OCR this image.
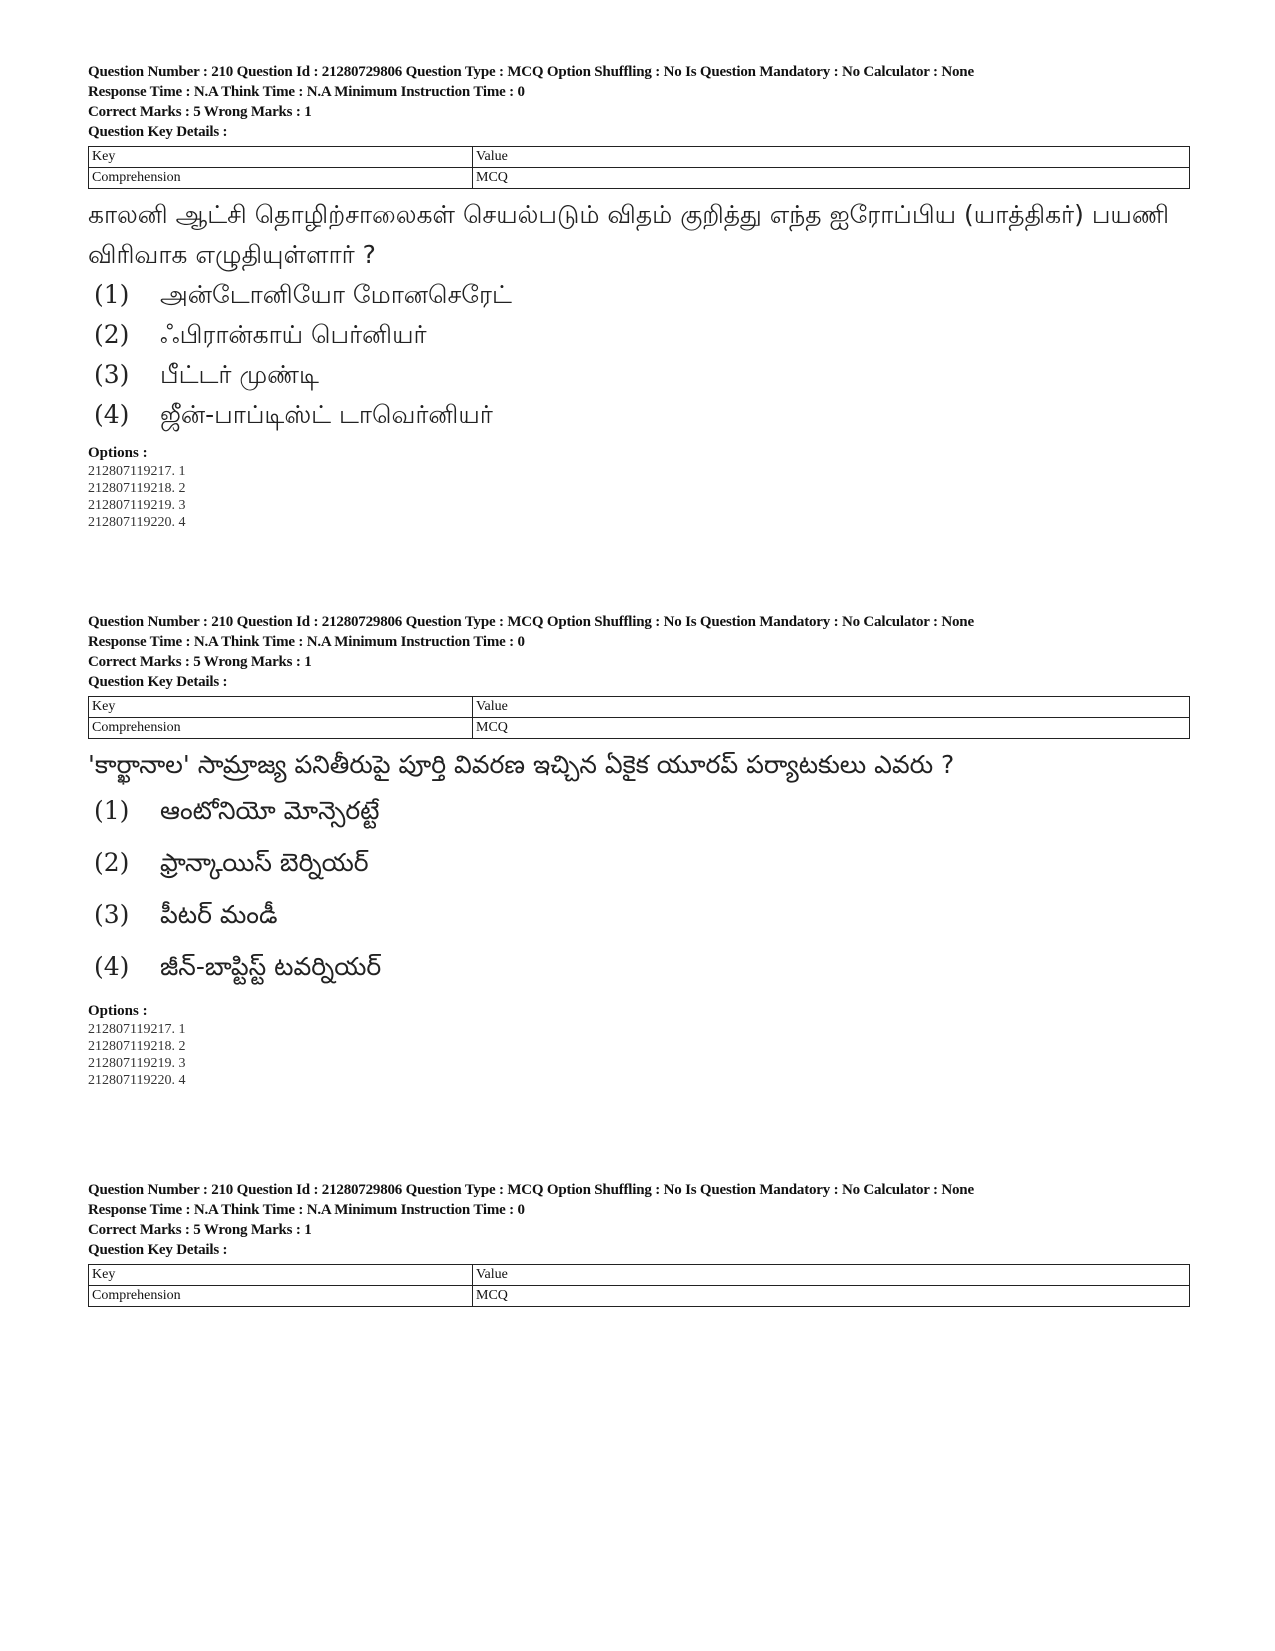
Question Number : 210 Question Id : 21280729806 Question Type : MCQ Option Shuffling : No Is Question Mandatory : No Calculator : None
Response Time : N.A Think Time : N.A Minimum Instruction Time : 0
Correct Marks : 5 Wrong Marks : 1
Question Key Details :
Key	Value
Comprehension	MCQ
காலனி ஆட்சி தொழிற்சாலைகள் செயல்படும் விதம் குறித்து எந்த ஐரோப்பிய (யாத்திகர்) பயணி விரிவாக எழுதியுள்ளார் ?
(1)	அன்டோனியோ மோனசெரேட்
(2)	ஃபிரான்காய் பெர்னியர்
(3)	பீட்டர் முண்டி
(4)	ஜீன்-பாப்டிஸ்ட் டாவெர்னியர்
Options :
212807119217. 1
212807119218. 2
212807119219. 3
212807119220. 4
Question Number : 210 Question Id : 21280729806 Question Type : MCQ Option Shuffling : No Is Question Mandatory : No Calculator : None
Response Time : N.A Think Time : N.A Minimum Instruction Time : 0
Correct Marks : 5 Wrong Marks : 1
Question Key Details :
Key	Value
Comprehension	MCQ
'కార్ఖానాల' సామ్రాజ్య పనితీరుపై పూర్తి వివరణ ఇచ్చిన ఏకైక యూరప్ పర్యాటకులు ఎవరు ?
(1)	ఆంటోనియో మోన్సెరట్టే
(2)	ఫ్రాన్కాయిస్ బెర్నియర్
(3)	పీటర్ మండీ
(4)	జీన్-బాప్టిస్ట్ టవర్నియర్
Options :
212807119217. 1
212807119218. 2
212807119219. 3
212807119220. 4
Question Number : 210 Question Id : 21280729806 Question Type : MCQ Option Shuffling : No Is Question Mandatory : No Calculator : None
Response Time : N.A Think Time : N.A Minimum Instruction Time : 0
Correct Marks : 5 Wrong Marks : 1
Question Key Details :
Key	Value
Comprehension	MCQ
